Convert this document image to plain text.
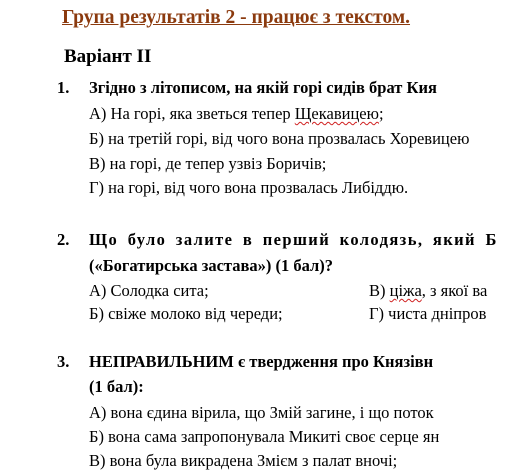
Група результатів 2 - працює з текстом.
Варіант ІІ
1. Згідно з літописом, на якій горі сидів брат Кия
А) На горі, яка зветься тепер Щекавицею;
Б) на третій горі, від чого вона прозвалась Хоревицею
В) на горі, де тепер узвіз Боричів;
Г) на горі, від чого вона прозвалась Либіддю.
2. Що було залите в перший колодязь, який Б
(«Богатирська застава») (1 бал)?
А) Солодка сита;	В) ціжа, з якої ва
Б) свіже молоко від череди;	Г) чиста дніпров
3. НЕПРАВИЛЬНИМ є твердження про Князівн
(1 бал):
А) вона єдина вірила, що Змій загине, і що поток
Б) вона сама запропонувала Микиті своє серце ян
В) вона була викрадена Змієм з палат вночі;
